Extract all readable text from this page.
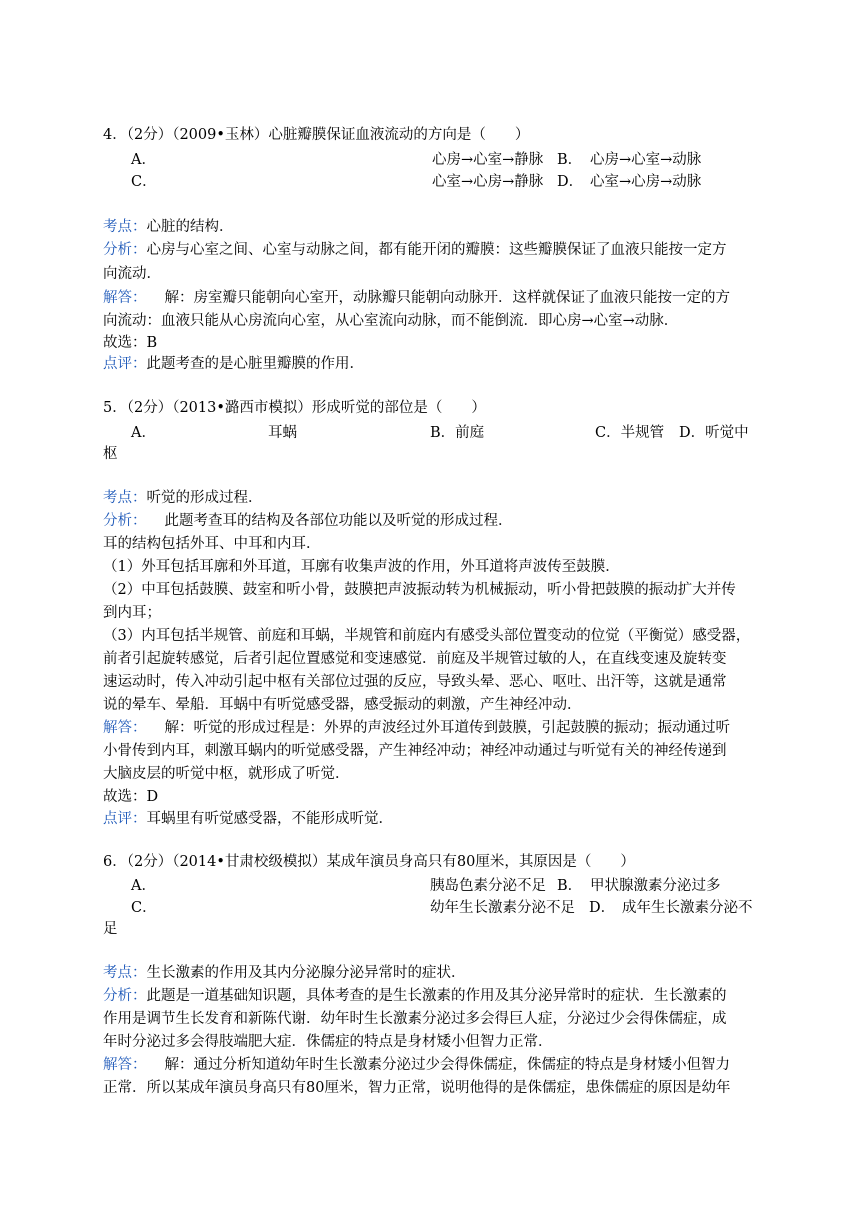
4．（2分）（2009•玉林）心脏瓣膜保证血液流动的方向是（　　）
A．	心房→心室→静脉 B． 心房→心室→动脉
C．	心室→心房→静脉 D． 心室→心房→动脉
考点：心脏的结构．
分析：心房与心室之间、心室与动脉之间，都有能开闭的瓣膜：这些瓣膜保证了血液只能按一定方
向流动．
解答： 解：房室瓣只能朝向心室开，动脉瓣只能朝向动脉开．这样就保证了血液只能按一定的方
向流动：血液只能从心房流向心室，从心室流向动脉，而不能倒流．即心房→心室→动脉．
故选：B
点评：此题考查的是心脏里瓣膜的作用．
5．（2分）（2013•潞西市模拟）形成听觉的部位是（　　）
A．	耳蜗	B．前庭	C．半规管 D．听觉中
枢
考点：听觉的形成过程．
分析： 此题考查耳的结构及各部位功能以及听觉的形成过程．
耳的结构包括外耳、中耳和内耳．
（1）外耳包括耳廓和外耳道，耳廓有收集声波的作用，外耳道将声波传至鼓膜．
（2）中耳包括鼓膜、鼓室和听小骨，鼓膜把声波振动转为机械振动，听小骨把鼓膜的振动扩大并传
到内耳；
（3）内耳包括半规管、前庭和耳蜗，半规管和前庭内有感受头部位置变动的位觉（平衡觉）感受器，
前者引起旋转感觉，后者引起位置感觉和变速感觉．前庭及半规管过敏的人，在直线变速及旋转变
速运动时，传入冲动引起中枢有关部位过强的反应，导致头晕、恶心、呕吐、出汗等，这就是通常
说的晕车、晕船．耳蜗中有听觉感受器，感受振动的刺激，产生神经冲动．
解答： 解：听觉的形成过程是：外界的声波经过外耳道传到鼓膜，引起鼓膜的振动；振动通过听
小骨传到内耳，刺激耳蜗内的听觉感受器，产生神经冲动；神经冲动通过与听觉有关的神经传递到
大脑皮层的听觉中枢，就形成了听觉．
故选：D
点评：耳蜗里有听觉感受器，不能形成听觉．
6．（2分）（2014•甘肃校级模拟）某成年演员身高只有80厘米，其原因是（　　）
A．	胰岛色素分泌不足 B． 甲状腺激素分泌过多
C．	幼年生长激素分泌不足 D． 成年生长激素分泌不
足
考点：生长激素的作用及其内分泌腺分泌异常时的症状．
分析：此题是一道基础知识题，具体考查的是生长激素的作用及其分泌异常时的症状．生长激素的
作用是调节生长发育和新陈代谢．幼年时生长激素分泌过多会得巨人症，分泌过少会得侏儒症，成
年时分泌过多会得肢端肥大症．侏儒症的特点是身材矮小但智力正常．
解答： 解：通过分析知道幼年时生长激素分泌过少会得侏儒症，侏儒症的特点是身材矮小但智力
正常．所以某成年演员身高只有80厘米，智力正常，说明他得的是侏儒症，患侏儒症的原因是幼年
